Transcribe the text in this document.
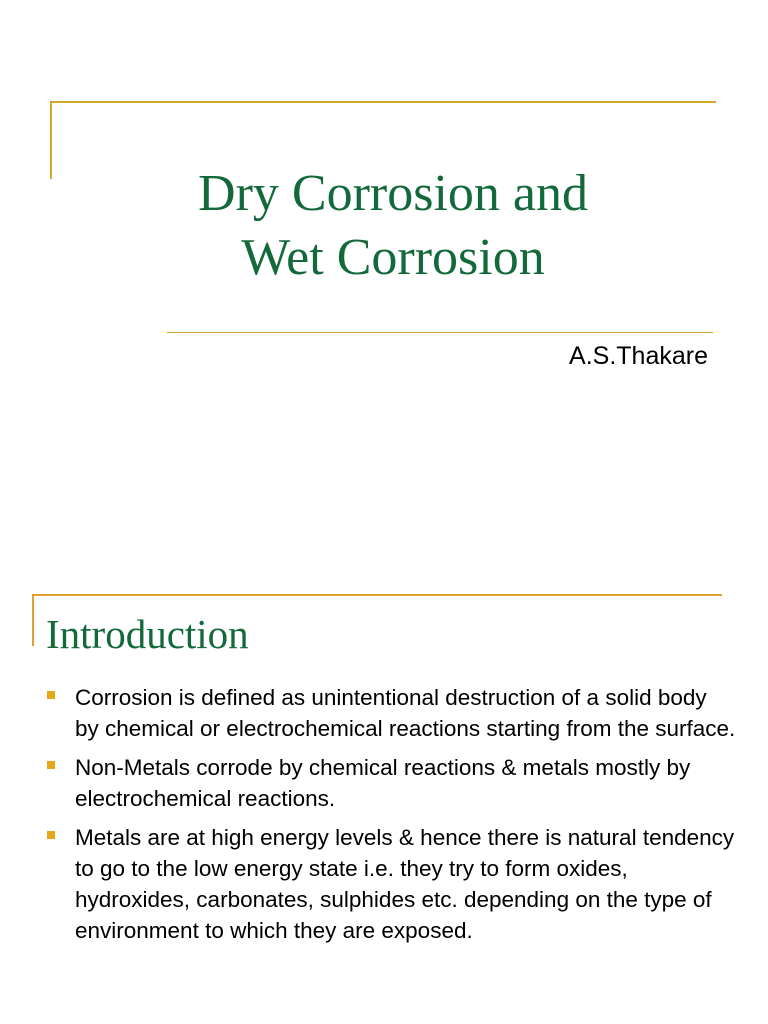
Dry Corrosion and
Wet Corrosion
A.S.Thakare
Introduction
Corrosion is defined as unintentional destruction of a solid body by chemical or electrochemical reactions starting from the surface.
Non-Metals corrode by chemical reactions & metals mostly by electrochemical reactions.
Metals are at high energy levels & hence there is natural tendency to go to the low energy state i.e. they try to form oxides, hydroxides, carbonates, sulphides etc. depending on the type of environment to which they are exposed.
